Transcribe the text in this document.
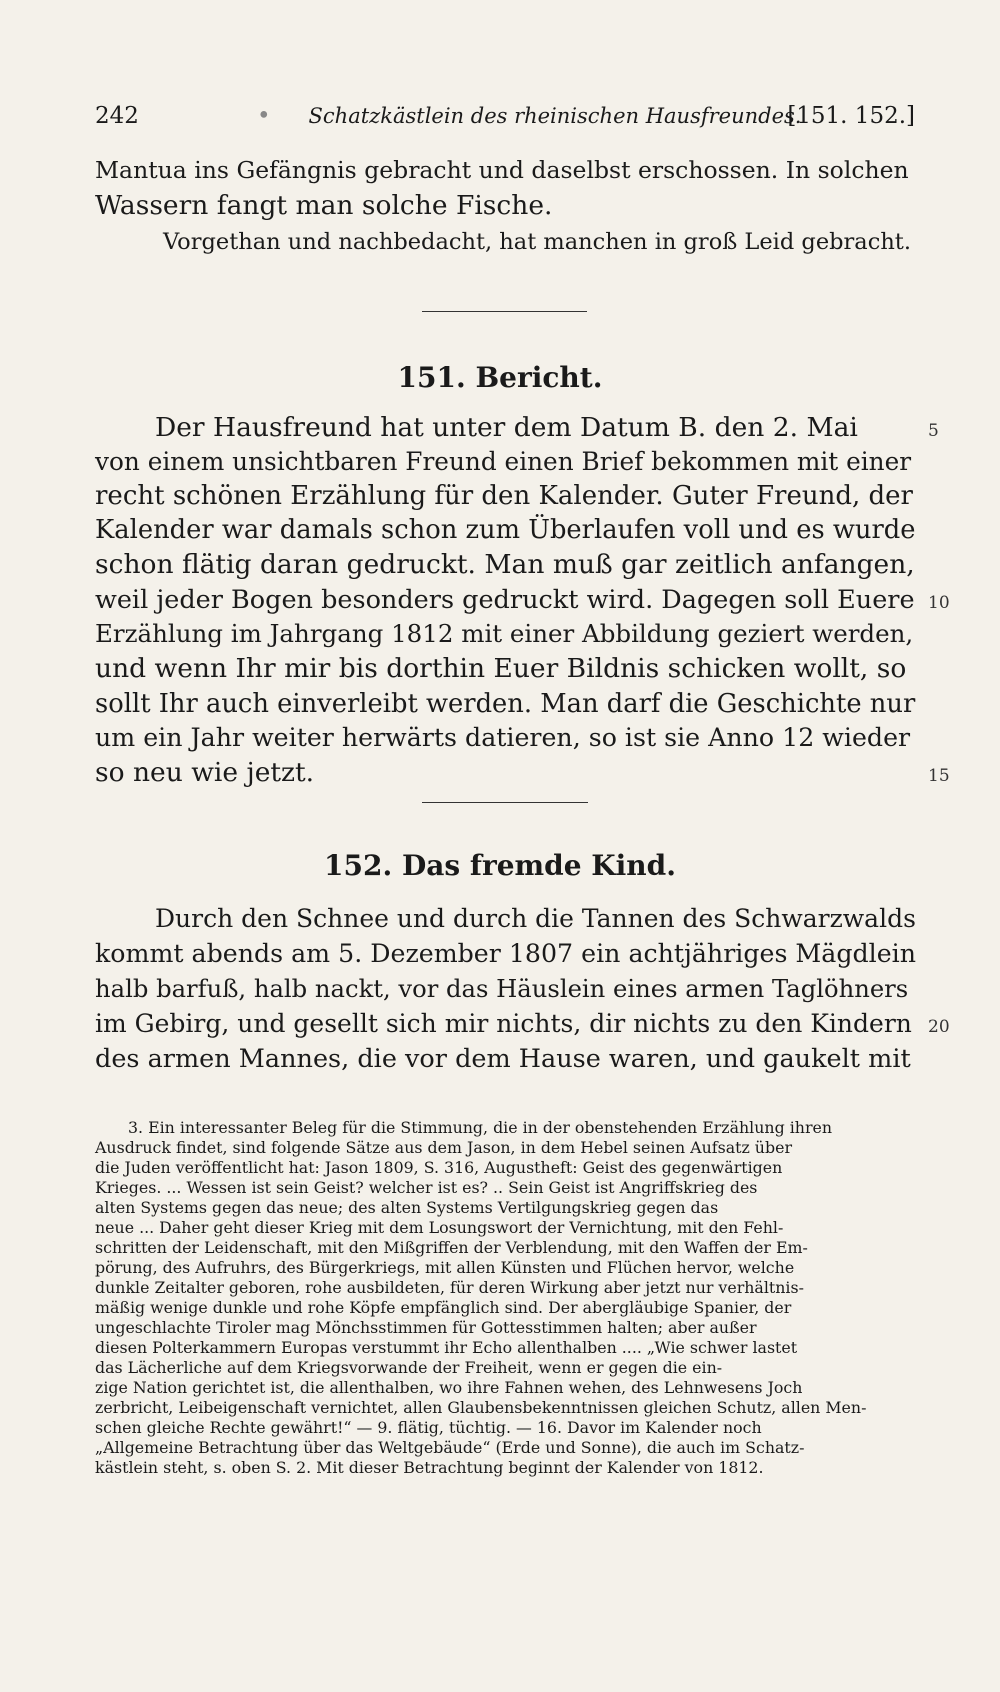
242	•	Schatzkästlein des rheinischen Hausfreundes.
[151. 152.]
Mantua ins Gefängnis gebracht und daselbst erschossen. In solchen
Wassern fangt man solche Fische.
Vorgethan und nachbedacht, hat manchen in groß Leid gebracht.
151. Bericht.
Der Hausfreund hat unter dem Datum B. den 2. Mai
von einem unsichtbaren Freund einen Brief bekommen mit einer
recht schönen Erzählung für den Kalender. Guter Freund, der
Kalender war damals schon zum Überlaufen voll und es wurde
schon flätig daran gedruckt. Man muß gar zeitlich anfangen,
weil jeder Bogen besonders gedruckt wird. Dagegen soll Euere
Erzählung im Jahrgang 1812 mit einer Abbildung geziert werden,
und wenn Ihr mir bis dorthin Euer Bildnis schicken wollt, so
sollt Ihr auch einverleibt werden. Man darf die Geschichte nur
um ein Jahr weiter herwärts datieren, so ist sie Anno 12 wieder
so neu wie jetzt.
152. Das fremde Kind.
Durch den Schnee und durch die Tannen des Schwarzwalds
kommt abends am 5. Dezember 1807 ein achtjähriges Mägdlein
halb barfuß, halb nackt, vor das Häuslein eines armen Taglöhners
im Gebirg, und gesellt sich mir nichts, dir nichts zu den Kindern
des armen Mannes, die vor dem Hause waren, und gaukelt mit
5
10
15
20
3. Ein interessanter Beleg für die Stimmung, die in der obenstehenden Erzählung ihren
Ausdruck findet, sind folgende Sätze aus dem Jason, in dem Hebel seinen Aufsatz über
die Juden veröffentlicht hat: Jason 1809, S. 316, Augustheft: Geist des gegenwärtigen
Krieges. ... Wessen ist sein Geist? welcher ist es? .. Sein Geist ist Angriffskrieg des
alten Systems gegen das neue; des alten Systems Vertilgungskrieg gegen das
neue ... Daher geht dieser Krieg mit dem Losungswort der Vernichtung, mit den Fehl-
schritten der Leidenschaft, mit den Mißgriffen der Verblendung, mit den Waffen der Em-
pörung, des Aufruhrs, des Bürgerkriegs, mit allen Künsten und Flüchen hervor, welche
dunkle Zeitalter geboren, rohe ausbildeten, für deren Wirkung aber jetzt nur verhältnis-
mäßig wenige dunkle und rohe Köpfe empfänglich sind. Der abergläubige Spanier, der
ungeschlachte Tiroler mag Mönchsstimmen für Gottesstimmen halten; aber außer
diesen Polterkammern Europas verstummt ihr Echo allenthalben .... „Wie schwer lastet
das Lächerliche auf dem Kriegsvorwande der Freiheit, wenn er gegen die ein-
zige Nation gerichtet ist, die allenthalben, wo ihre Fahnen wehen, des Lehnwesens Joch
zerbricht, Leibeigenschaft vernichtet, allen Glaubensbekenntnissen gleichen Schutz, allen Men-
schen gleiche Rechte gewährt!“ — 9. flätig, tüchtig. — 16. Davor im Kalender noch
„Allgemeine Betrachtung über das Weltgebäude“ (Erde und Sonne), die auch im Schatz-
kästlein steht, s. oben S. 2. Mit dieser Betrachtung beginnt der Kalender von 1812.
